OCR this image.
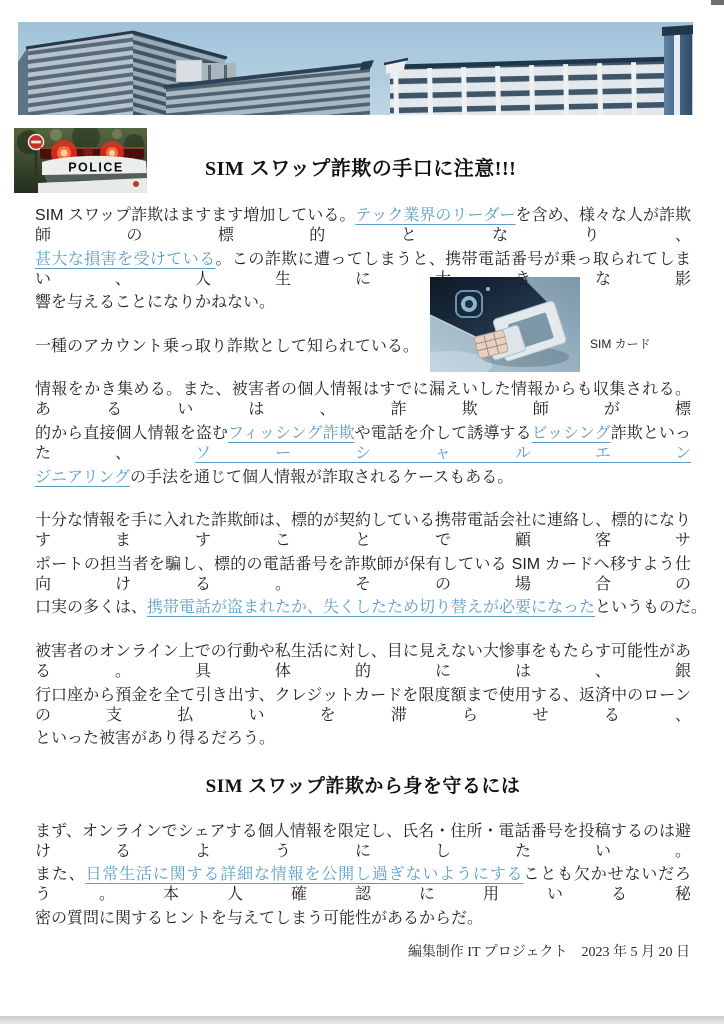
POLICE	SIM スワップ詐欺の手口に注意!!!
SIM カード
SIM スワップ詐欺はますます増加している。テック業界のリーダーを含め、様々な人が詐欺師の標的となり、
甚大な損害を受けている。この詐欺に遭ってしまうと、携帯電話番号が乗っ取られてしまい、人生に大きな影
響を与えることになりかねない。
一種のアカウント乗っ取り詐欺として知られている。
情報をかき集める。また、被害者の個人情報はすでに漏えいした情報からも収集される。あるいは、詐欺師が標
的から直接個人情報を盗むフィッシング詐欺や電話を介して誘導するビッシング詐欺といった、ソーシャルエン
ジニアリングの手法を通じて個人情報が詐取されるケースもある。
十分な情報を手に入れた詐欺師は、標的が契約している携帯電話会社に連絡し、標的になりすますことで顧客サ
ポートの担当者を騙し、標的の電話番号を詐欺師が保有している SIM カードへ移すよう仕向ける。その場合の
口実の多くは、携帯電話が盗まれたか、失くしたため切り替えが必要になったというものだ。
被害者のオンライン上での行動や私生活に対し、目に見えない大惨事をもたらす可能性がある。具体的には、銀
行口座から預金を全て引き出す、クレジットカードを限度額まで使用する、返済中のローンの支払いを滞らせる、
といった被害があり得るだろう。
SIM スワップ詐欺から身を守るには
まず、オンラインでシェアする個人情報を限定し、氏名・住所・電話番号を投稿するのは避けるようにしたい。
また、日常生活に関する詳細な情報を公開し過ぎないようにすることも欠かせないだろう。本人確認に用いる秘
密の質問に関するヒントを与えてしまう可能性があるからだ。
編集制作 IT プロジェクト　2023 年 5 月 20 日
